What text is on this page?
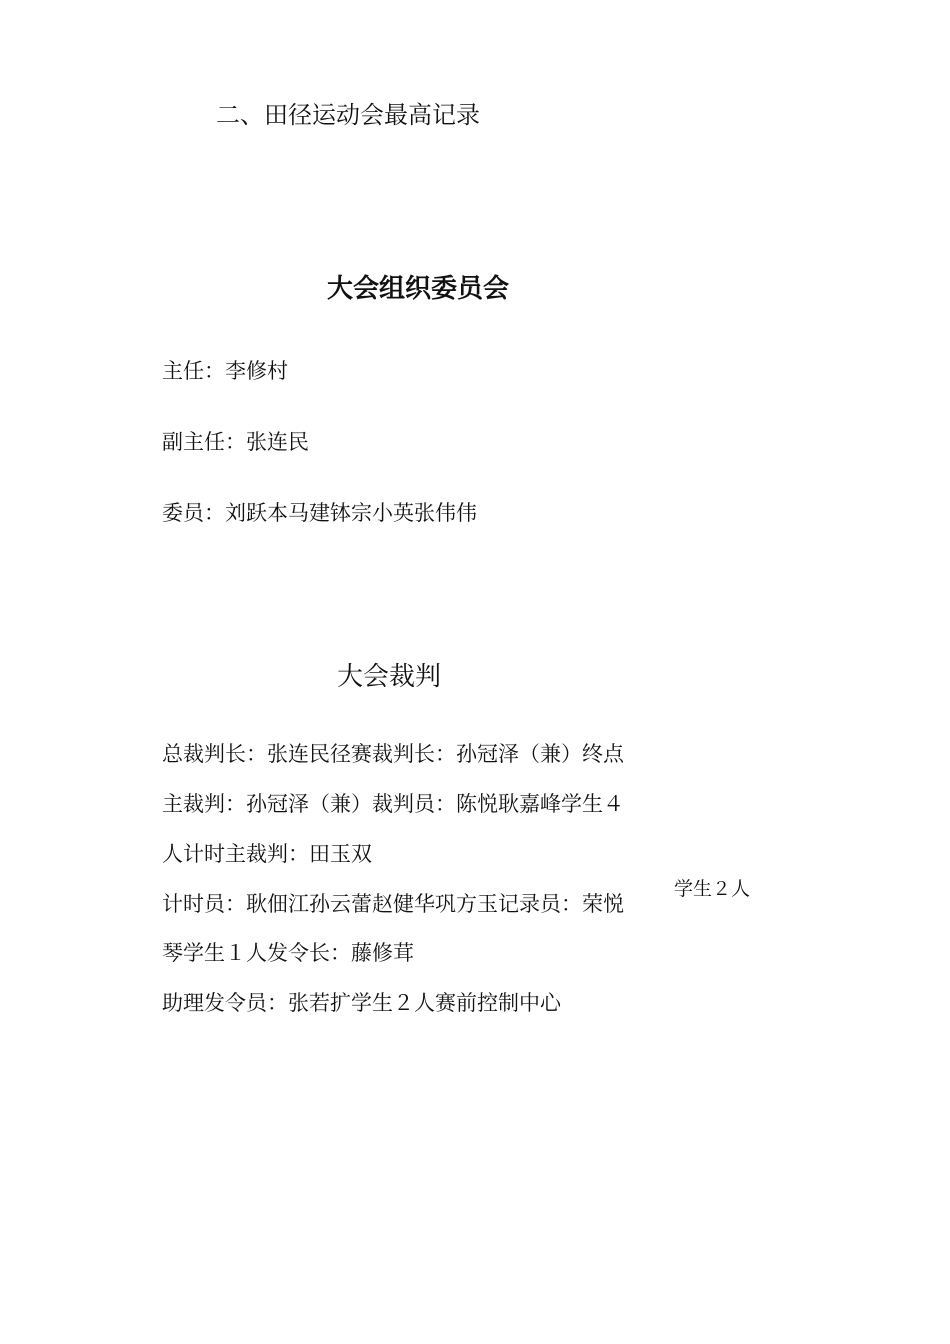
二、田径运动会最高记录
大会组织委员会
主任：李修村
副主任：张连民
委员：刘跃本马建钵宗小英张伟伟
大会裁判
总裁判长：张连民径赛裁判长：孙冠泽（兼）终点
主裁判：孙冠泽（兼）裁判员：陈悦耿嘉峰学生４
人计时主裁判：田玉双
计时员：耿佃江孙云蕾赵健华巩方玉记录员：荣悦
学生２人
琴学生１人发令长：藤修茸
助理发令员：张若扩学生２人赛前控制中心
